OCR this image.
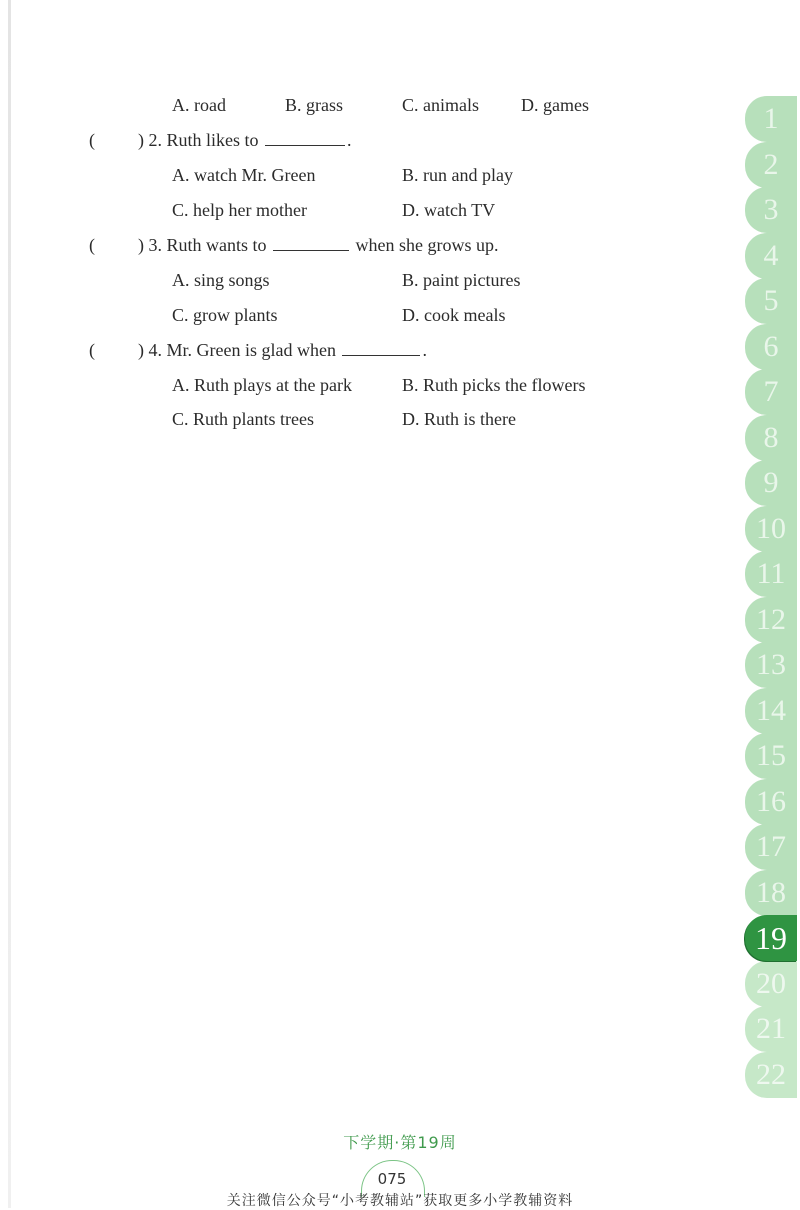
A. road	B. grass	C. animals D. games
( ) 2. Ruth likes to	.
A. watch Mr. Green	B. run and play
C. help her mother	D. watch TV
( ) 3. Ruth wants to	when she grows up.
A. sing songs	B. paint pictures
C. grow plants	D. cook meals
( ) 4. Mr. Green is glad when	.
A. Ruth plays at the park	B. Ruth picks the flowers
C. Ruth plants trees	D. Ruth is there
1
2
3
4
5
6
7
8
9
10
11
12
13
14
15
16
17
18
19
20
21
22
下学期·第19周
075
关注微信公众号“小考教辅站”获取更多小学教辅资料
